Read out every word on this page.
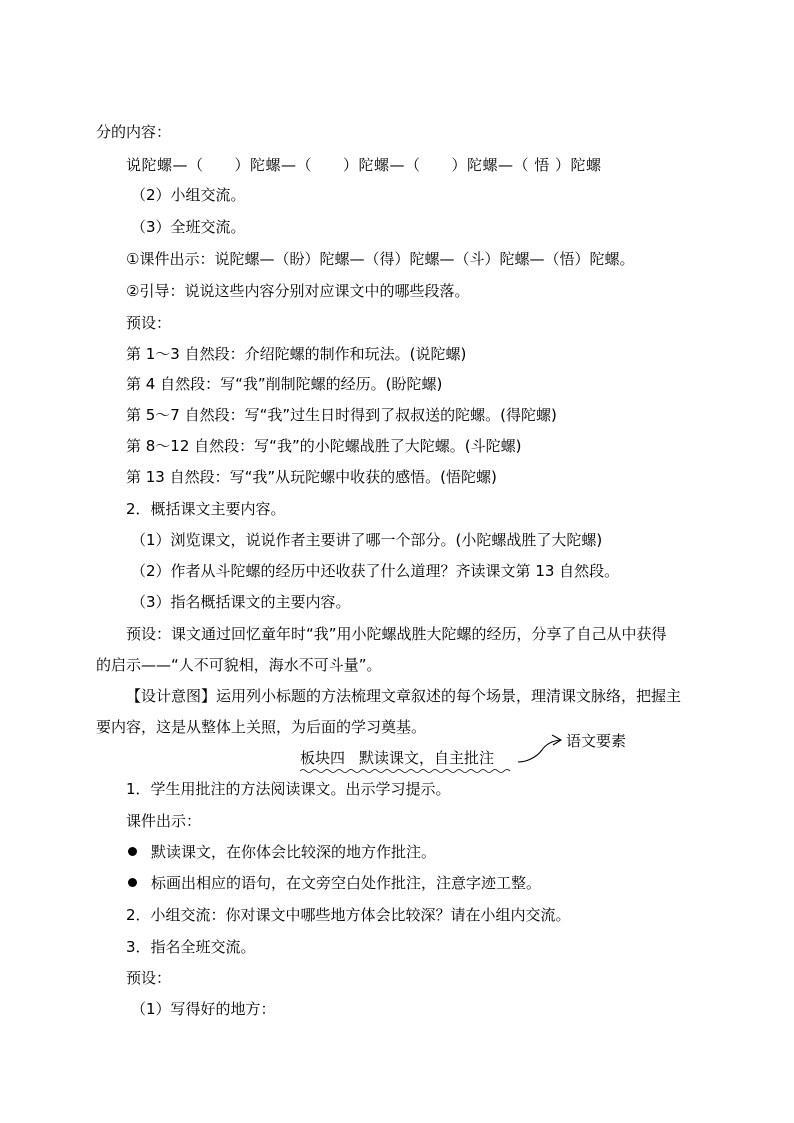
分的内容：
说陀螺—（　　）陀螺—（　　）陀螺—（　　）陀螺—（ 悟 ）陀螺
（2）小组交流。
（3）全班交流。
①课件出示：说陀螺—（盼）陀螺—（得）陀螺—（斗）陀螺—（悟）陀螺。
②引导：说说这些内容分别对应课文中的哪些段落。
预设：
第 1～3 自然段：介绍陀螺的制作和玩法。(说陀螺)
第 4 自然段：写“我”削制陀螺的经历。(盼陀螺)
第 5～7 自然段：写“我”过生日时得到了叔叔送的陀螺。(得陀螺)
第 8～12 自然段：写“我”的小陀螺战胜了大陀螺。(斗陀螺)
第 13 自然段：写“我”从玩陀螺中收获的感悟。(悟陀螺)
2．概括课文主要内容。
（1）浏览课文，说说作者主要讲了哪一个部分。(小陀螺战胜了大陀螺)
（2）作者从斗陀螺的经历中还收获了什么道理？齐读课文第 13 自然段。
（3）指名概括课文的主要内容。
预设：课文通过回忆童年时“我”用小陀螺战胜大陀螺的经历，分享了自己从中获得
的启示——“人不可貌相，海水不可斗量”。
【设计意图】运用列小标题的方法梳理文章叙述的每个场景，理清课文脉络，把握主
要内容，这是从整体上关照，为后面的学习奠基。
板块四 默读课文，自主批注
语文要素
1．学生用批注的方法阅读课文。出示学习提示。
课件出示：
默读课文，在你体会比较深的地方作批注。
标画出相应的语句，在文旁空白处作批注，注意字迹工整。
2．小组交流：你对课文中哪些地方体会比较深？请在小组内交流。
3．指名全班交流。
预设：
（1）写得好的地方：
